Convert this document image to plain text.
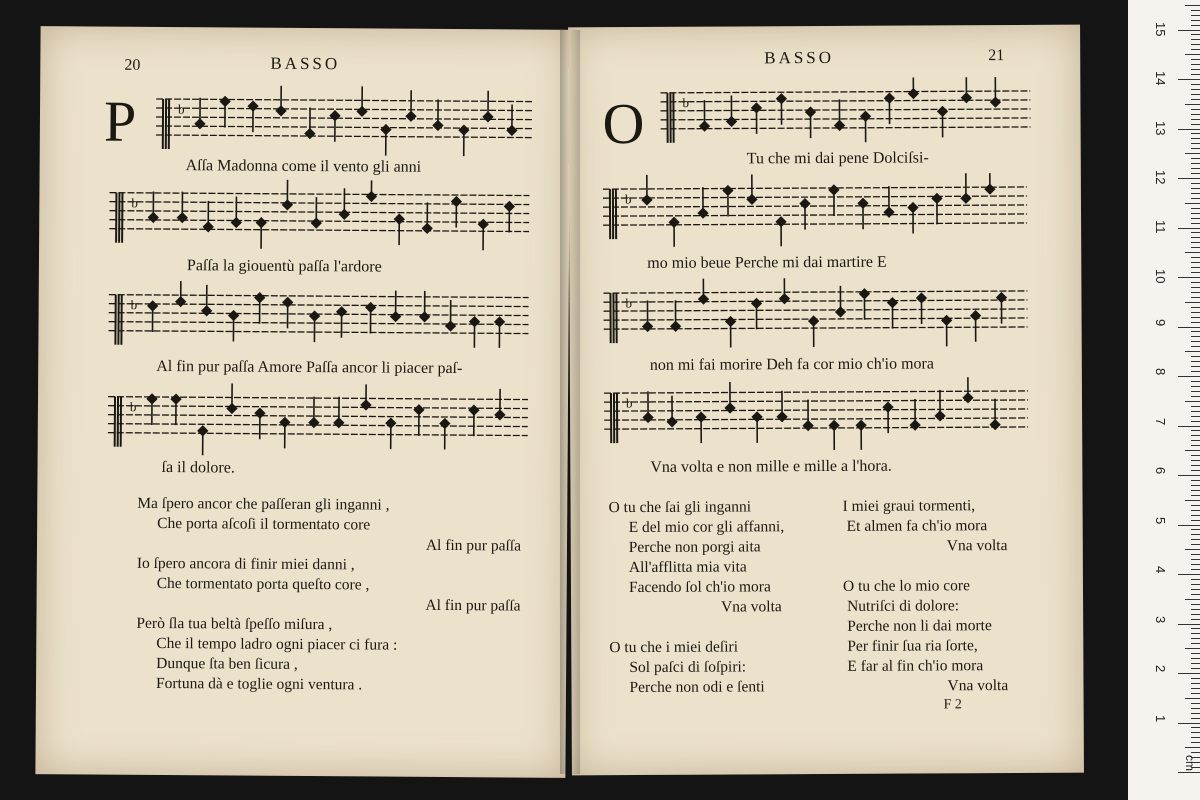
20	BASSO
P	b
Aſſa Madonna come il vento gli anni
b
Paſſa la giouentù paſſa l'ardore
b
Al fin pur paſſa Amore Paſſa ancor li piacer paſ-
b
ſa il dolore.
Ma ſpero ancor che paſſeran gli inganni ,
Che porta aſcoſi il tormentato core
Al fin pur paſſa
Io ſpero ancora di finir miei danni ,
Che tormentato porta queſto core ,
Al fin pur paſſa
Però ſla tua beltà ſpeſſo miſura ,
Che il tempo ladro ogni piacer ci fura :
Dunque ſta ben ſicura ,
Fortuna dà e toglie ogni ventura .
BASSO	21
O	b
Tu che mi dai pene Dolciſsi-
b
mo mio beue Perche mi dai martire E
b
non mi fai morire Deh fa cor mio ch'io mora
b
Vna volta e non mille e mille a l'hora.
F 2
O tu che ſai gli inganni
E del mio cor gli affanni,
Perche non porgi aita
All'afflitta mia vita
Facendo ſol ch'io mora
Vna volta
O tu che i miei deſiri
Sol paſci di ſoſpiri:
Perche non odi e ſenti
I miei graui tormenti,
Et almen fa ch'io mora
Vna volta
O tu che lo mio core
Nutriſci di dolore:
Perche non li dai morte
Per finir ſua ria ſorte,
E far al fin ch'io mora
Vna volta
1
2
3
4
5
6
7
8
9
10
11
12
13
14
15
cm
